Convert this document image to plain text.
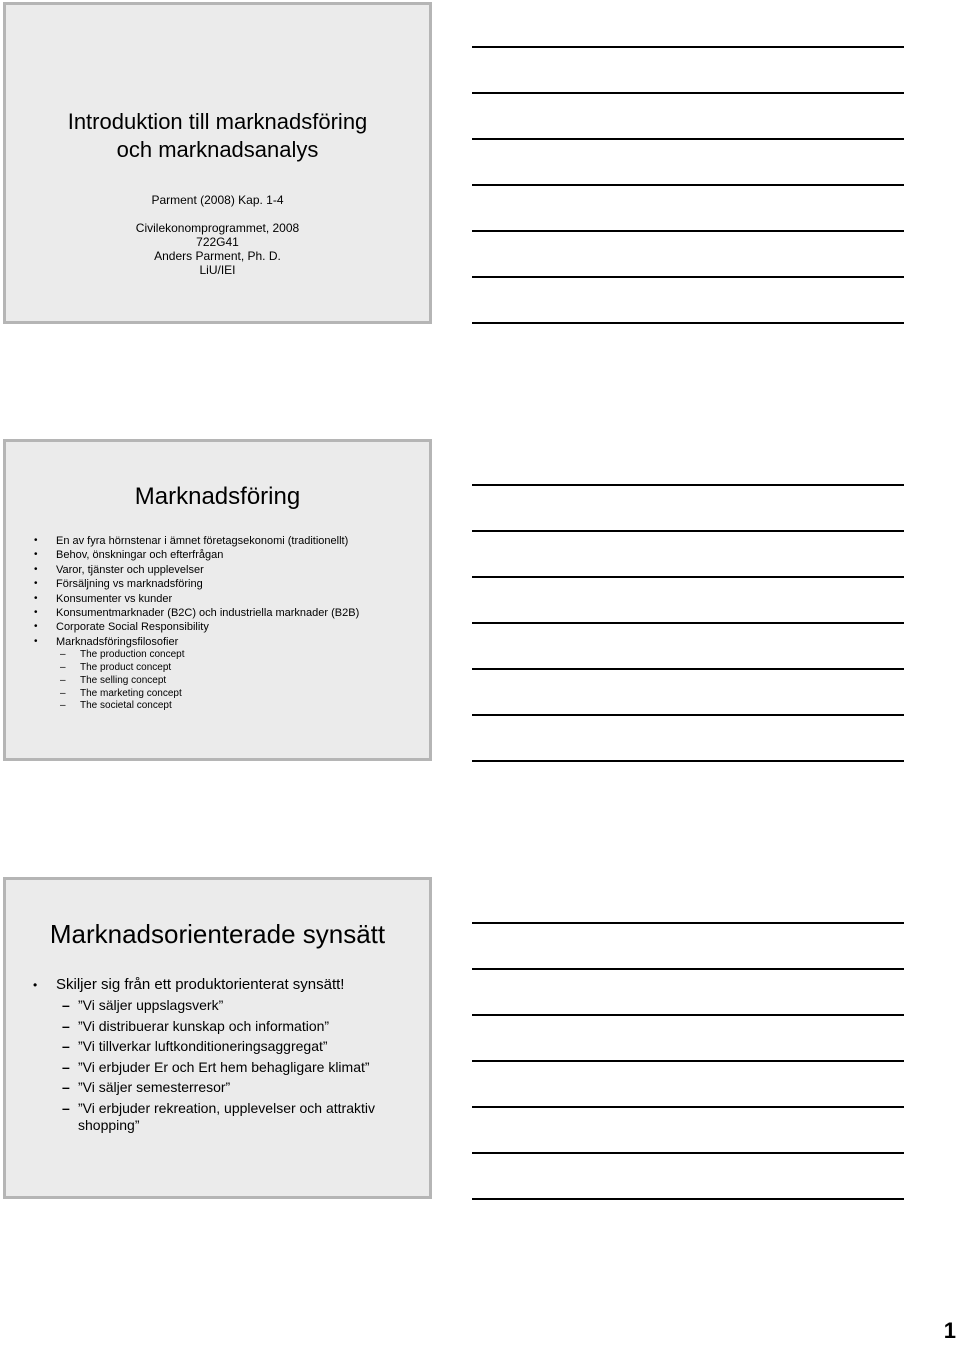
Introduktion till marknadsföring
och marknadsanalys
Parment (2008) Kap. 1-4
Civilekonomprogrammet, 2008
722G41
Anders Parment, Ph. D.
LiU/IEI
Marknadsföring
• En av fyra hörnstenar i ämnet företagsekonomi (traditionellt)
• Behov, önskningar och efterfrågan
• Varor, tjänster och upplevelser
• Försäljning vs marknadsföring
• Konsumenter vs kunder
• Konsumentmarknader (B2C) och industriella marknader (B2B)
• Corporate Social Responsibility
• Marknadsföringsfilosofier
– The production concept
– The product concept
– The selling concept
– The marketing concept
– The societal concept
Marknadsorienterade synsätt
• Skiljer sig från ett produktorienterat synsätt!
– ”Vi säljer uppslagsverk”
– ”Vi distribuerar kunskap och information”
– ”Vi tillverkar luftkonditioneringsaggregat”
– ”Vi erbjuder Er och Ert hem behagligare klimat”
– ”Vi säljer semesterresor”
– ”Vi erbjuder rekreation, upplevelser och attraktiv shopping”
1
